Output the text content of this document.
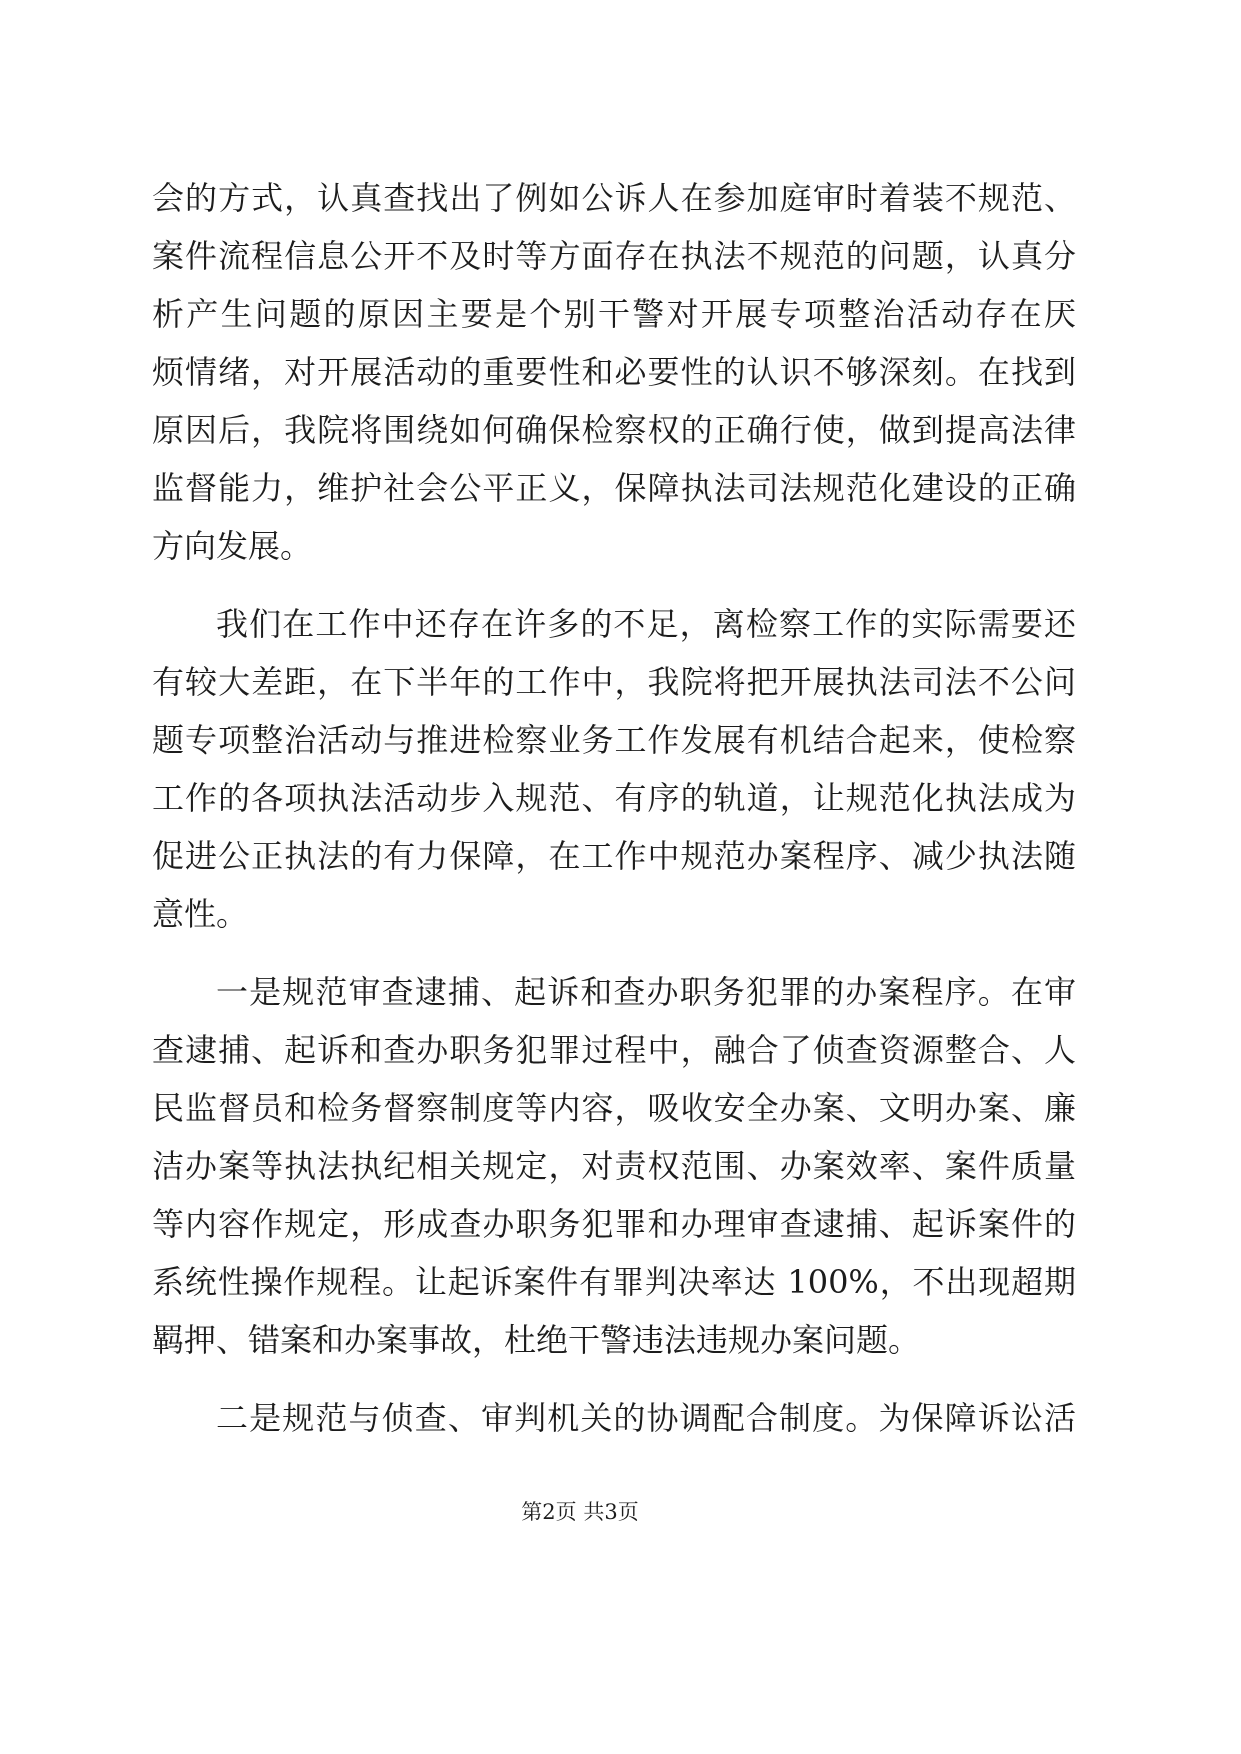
会的方式，认真查找出了例如公诉人在参加庭审时着装不规范、
案件流程信息公开不及时等方面存在执法不规范的问题，认真分
析产生问题的原因主要是个别干警对开展专项整治活动存在厌
烦情绪，对开展活动的重要性和必要性的认识不够深刻。在找到
原因后，我院将围绕如何确保检察权的正确行使，做到提高法律
监督能力，维护社会公平正义，保障执法司法规范化建设的正确
方向发展。
我们在工作中还存在许多的不足，离检察工作的实际需要还
有较大差距，在下半年的工作中，我院将把开展执法司法不公问
题专项整治活动与推进检察业务工作发展有机结合起来，使检察
工作的各项执法活动步入规范、有序的轨道，让规范化执法成为
促进公正执法的有力保障，在工作中规范办案程序、减少执法随
意性。
一是规范审查逮捕、起诉和查办职务犯罪的办案程序。在审
查逮捕、起诉和查办职务犯罪过程中，融合了侦查资源整合、人
民监督员和检务督察制度等内容，吸收安全办案、文明办案、廉
洁办案等执法执纪相关规定，对责权范围、办案效率、案件质量
等内容作规定，形成查办职务犯罪和办理审查逮捕、起诉案件的
系统性操作规程。让起诉案件有罪判决率达 100%，不出现超期
羁押、错案和办案事故，杜绝干警违法违规办案问题。
二是规范与侦查、审判机关的协调配合制度。为保障诉讼活
第2页 共3页
